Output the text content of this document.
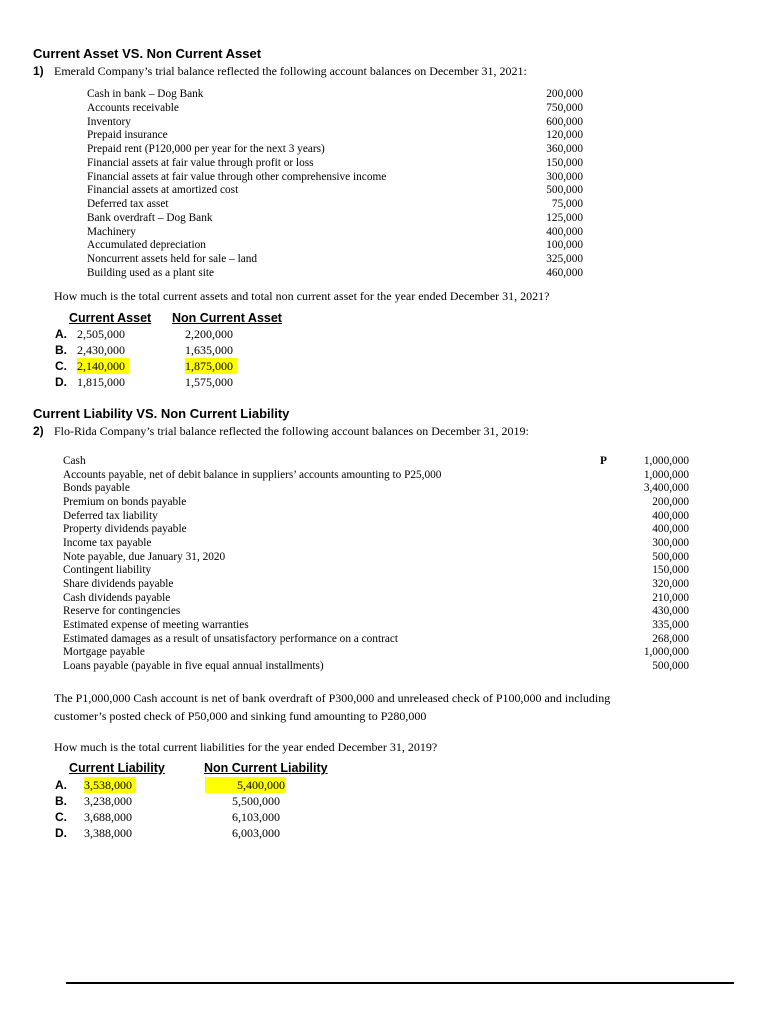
Current Asset VS. Non Current Asset
1) Emerald Company’s trial balance reflected the following account balances on December 31, 2021:
Cash in bank – Dog Bank	200,000
Accounts receivable	750,000
Inventory	600,000
Prepaid insurance	120,000
Prepaid rent (P120,000 per year for the next 3 years)	360,000
Financial assets at fair value through profit or loss	150,000
Financial assets at fair value through other comprehensive income	300,000
Financial assets at amortized cost	500,000
Deferred tax asset	75,000
Bank overdraft – Dog Bank	125,000
Machinery	400,000
Accumulated depreciation	100,000
Noncurrent assets held for sale – land	325,000
Building used as a plant site	460,000
How much is the total current assets and total non current asset for the year ended December 31, 2021?
Current Asset Non Current Asset
A. 2,505,000	2,200,000
B. 2,430,000	1,635,000
C. 2,140,000	1,875,000
D. 1,815,000	1,575,000
Current Liability VS. Non Current Liability
2) Flo-Rida Company’s trial balance reflected the following account balances on December 31, 2019:
Cash	P	1,000,000
Accounts payable, net of debit balance in suppliers’ accounts amounting to P25,000	1,000,000
Bonds payable	3,400,000
Premium on bonds payable	200,000
Deferred tax liability	400,000
Property dividends payable	400,000
Income tax payable	300,000
Note payable, due January 31, 2020	500,000
Contingent liability	150,000
Share dividends payable	320,000
Cash dividends payable	210,000
Reserve for contingencies	430,000
Estimated expense of meeting warranties	335,000
Estimated damages as a result of unsatisfactory performance on a contract	268,000
Mortgage payable	1,000,000
Loans payable (payable in five equal annual installments)	500,000
The P1,000,000 Cash account is net of bank overdraft of P300,000 and unreleased check of P100,000 and including
customer’s posted check of P50,000 and sinking fund amounting to P280,000
How much is the total current liabilities for the year ended December 31, 2019?
Current Liability	Non Current Liability
A. 3,538,000	5,400,000
B. 3,238,000	5,500,000
C. 3,688,000	6,103,000
D. 3,388,000	6,003,000
